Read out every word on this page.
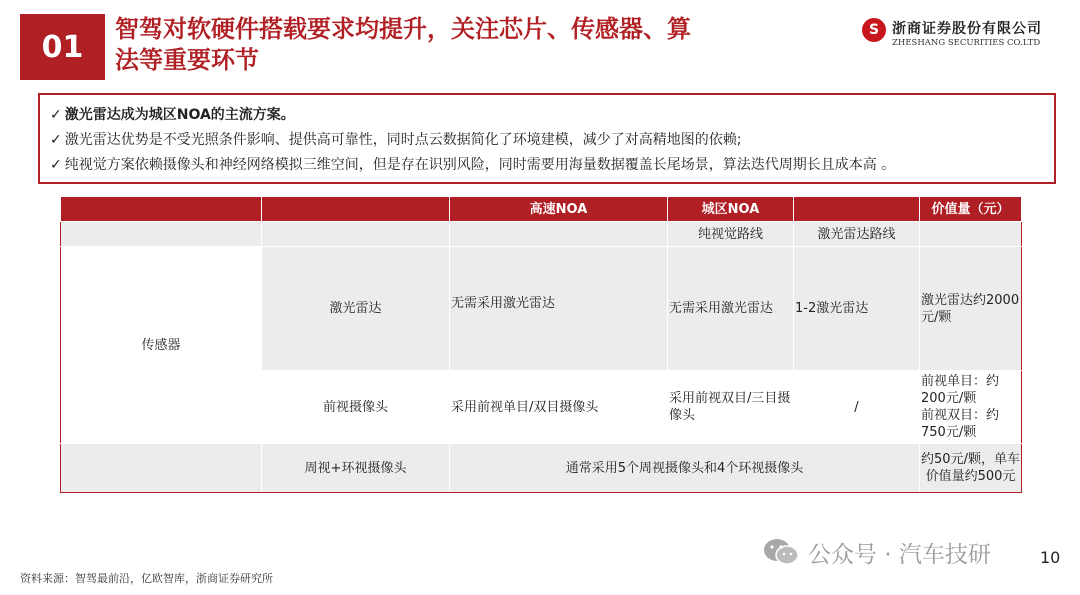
01
智驾对软硬件搭载要求均提升，关注芯片、传感器、算
法等重要环节
S 浙商证券股份有限公司
ZHESHANG SECURITIES CO.LTD
✓ 激光雷达成为城区NOA的主流方案。
✓ 激光雷达优势是不受光照条件影响、提供高可靠性，同时点云数据简化了环境建模，减少了对高精地图的依赖;
✓ 纯视觉方案依赖摄像头和神经网络模拟三维空间，但是存在识别风险，同时需要用海量数据覆盖长尾场景，算法迭代周期长且成本高 。
		高速NOA	城区NOA		价值量（元）
			纯视觉路线	激光雷达路线	
传感器	激光雷达	无需采用激光雷达	无需采用激光雷达	1-2激光雷达	激光雷达约2000元/颗
	前视摄像头	采用前视单目/双目摄像头	采用前视双目/三目摄像头	/	前视单目：约200元/颗
前视双目：约750元/颗
	周视+环视摄像头	通常采用5个周视摄像头和4个环视摄像头			约50元/颗，单车价值量约500元
资料来源：智驾最前沿，亿欧智库，浙商证券研究所
公众号 · 汽车技研	10
